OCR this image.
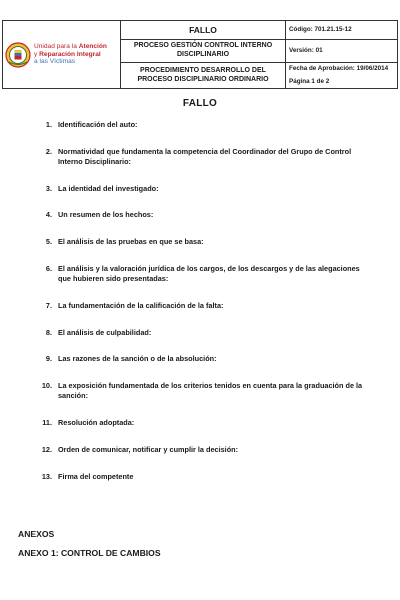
Unidad para la Atención
y Reparación Integral
a las Víctimas	FALLO	Código: 701.21.15-12
	PROCESO GESTIÓN CONTROL INTERNO DISCIPLINARIO	Versión: 01
	PROCEDIMIENTO DESARROLLO DEL PROCESO DISCIPLINARIO ORDINARIO	Fecha de Aprobación: 19/06/2014
Página 1 de 2
FALLO
1. Identificación del auto:
2. Normatividad que fundamenta la competencia del Coordinador del Grupo de Control Interno Disciplinario:
3. La identidad del investigado:
4. Un resumen de los hechos:
5. El análisis de las pruebas en que se basa:
6. El análisis y la valoración jurídica de los cargos, de los descargos y de las alegaciones que hubieren sido presentadas:
7. La fundamentación de la calificación de la falta:
8. El análisis de culpabilidad:
9. Las razones de la sanción o de la absolución:
10. La exposición fundamentada de los criterios tenidos en cuenta para la graduación de la sanción:
11. Resolución adoptada:
12. Orden de comunicar, notificar y cumplir la decisión:
13. Firma del competente
ANEXOS
ANEXO 1: CONTROL DE CAMBIOS
